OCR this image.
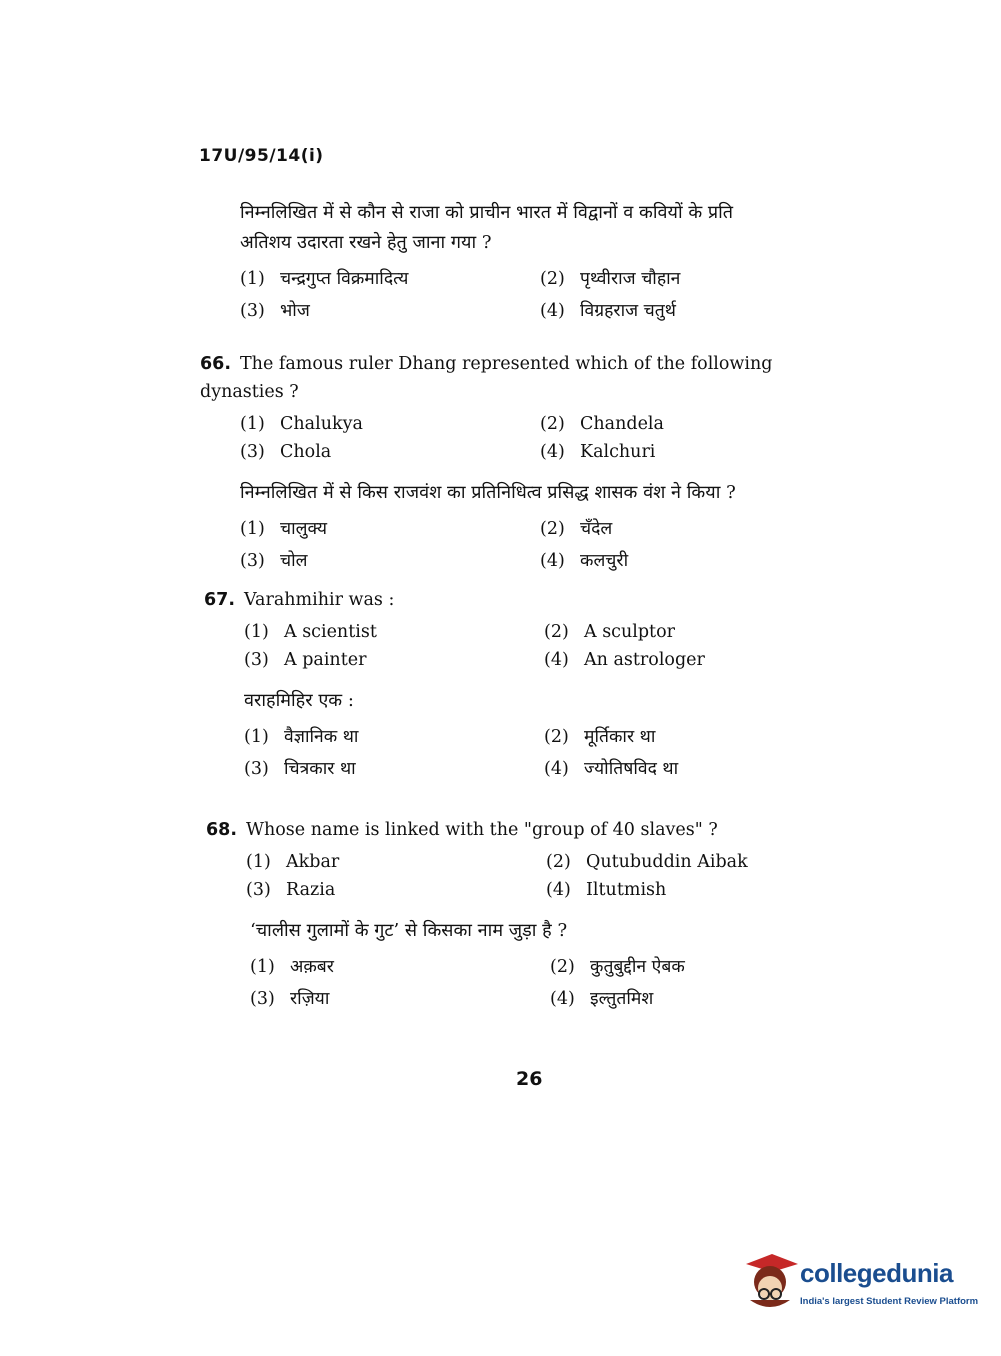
17U/95/14(i)
निम्नलिखित में से कौन से राजा को प्राचीन भारत में विद्वानों व कवियों के प्रति
अतिशय उदारता रखने हेतु जाना गया ?
(1) चन्द्रगुप्त विक्रमादित्य	(2) पृथ्वीराज चौहान
(3) भोज	(4) विग्रहराज चतुर्थ
66. The famous ruler Dhang represented which of the following dynasties ?
(1) Chalukya	(2) Chandela
(3) Chola	(4) Kalchuri
निम्नलिखित में से किस राजवंश का प्रतिनिधित्व प्रसिद्ध शासक वंश ने किया ?
(1) चालुक्य	(2) चँदेल
(3) चोल	(4) कलचुरी
67. Varahmihir was :
(1) A scientist	(2) A sculptor
(3) A painter	(4) An astrologer
वराहमिहिर एक :
(1) वैज्ञानिक था	(2) मूर्तिकार था
(3) चित्रकार था	(4) ज्योतिषविद था
68. Whose name is linked with the "group of 40 slaves" ?
(1) Akbar	(2) Qutubuddin Aibak
(3) Razia	(4) Iltutmish
‘चालीस गुलामों के गुट’ से किसका नाम जुड़ा है ?
(1) अक़बर	(2) कुतुबुद्दीन ऐबक
(3) रज़िया	(4) इल्तुतमिश
26
collegedunia
India's largest Student Review Platform
